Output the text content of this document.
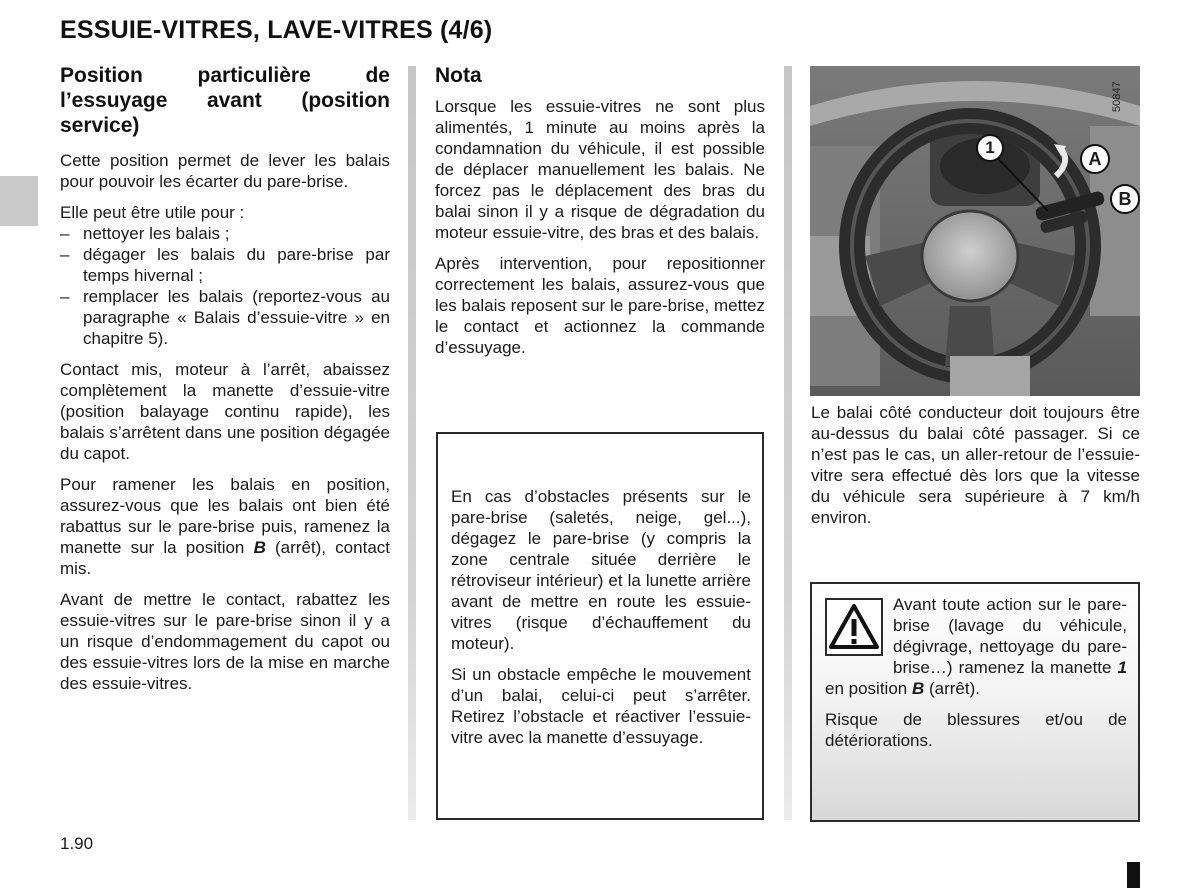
ESSUIE-VITRES, LAVE-VITRES (4/6)
Position particulière de l’essuyage avant (position service)

Cette position permet de lever les balais pour pouvoir les écarter du pare-brise.

Elle peut être utile pour :

– nettoyer les balais ;
– dégager les balais du pare-brise par temps hivernal ;
– remplacer les balais (reportez-vous au paragraphe « Balais d’essuie-vitre » en chapitre 5).

Contact mis, moteur à l’arrêt, abaissez complètement la manette d’essuie-vitre (position balayage continu rapide), les balais s’arrêtent dans une position dégagée du capot.

Pour ramener les balais en position, assurez-vous que les balais ont bien été rabattus sur le pare-brise puis, ramenez la manette sur la position B (arrêt), contact mis.

Avant de mettre le contact, rabattez les essuie-vitres sur le pare-brise sinon il y a un risque d’endommagement du capot ou des essuie-vitres lors de la mise en marche des essuie-vitres.

Nota

Lorsque les essuie-vitres ne sont plus alimentés, 1 minute au moins après la condamnation du véhicule, il est possible de déplacer manuellement les balais. Ne forcez pas le déplacement des bras du balai sinon il y a risque de dégradation du moteur essuie-vitre, des bras et des balais.

Après intervention, pour repositionner correctement les balais, assurez-vous que les balais reposent sur le pare-brise, mettez le contact et actionnez la commande d’essuyage.

En cas d’obstacles présents sur le pare-brise (saletés, neige, gel...), dégagez le pare-brise (y compris la zone centrale située derrière le rétroviseur intérieur) et la lunette arrière avant de mettre en route les essuie-vitres (risque d’échauffement du moteur).

Si un obstacle empêche le mouvement d’un balai, celui-ci peut s’arrêter. Retirez l’obstacle et réactiver l’essuie-vitre avec la manette d’essuyage.

50847
1
A
B

Le balai côté conducteur doit toujours être au-dessus du balai côté passager. Si ce n’est pas le cas, un aller-retour de l’essuie-vitre sera effectué dès lors que la vitesse du véhicule sera supérieure à 7 km/h environ.

Avant toute action sur le pare-brise (lavage du véhicule, dégivrage, nettoyage du pare-brise…) ramenez la manette 1 en position B (arrêt).

Risque de blessures et/ou de détériorations.

1.90
